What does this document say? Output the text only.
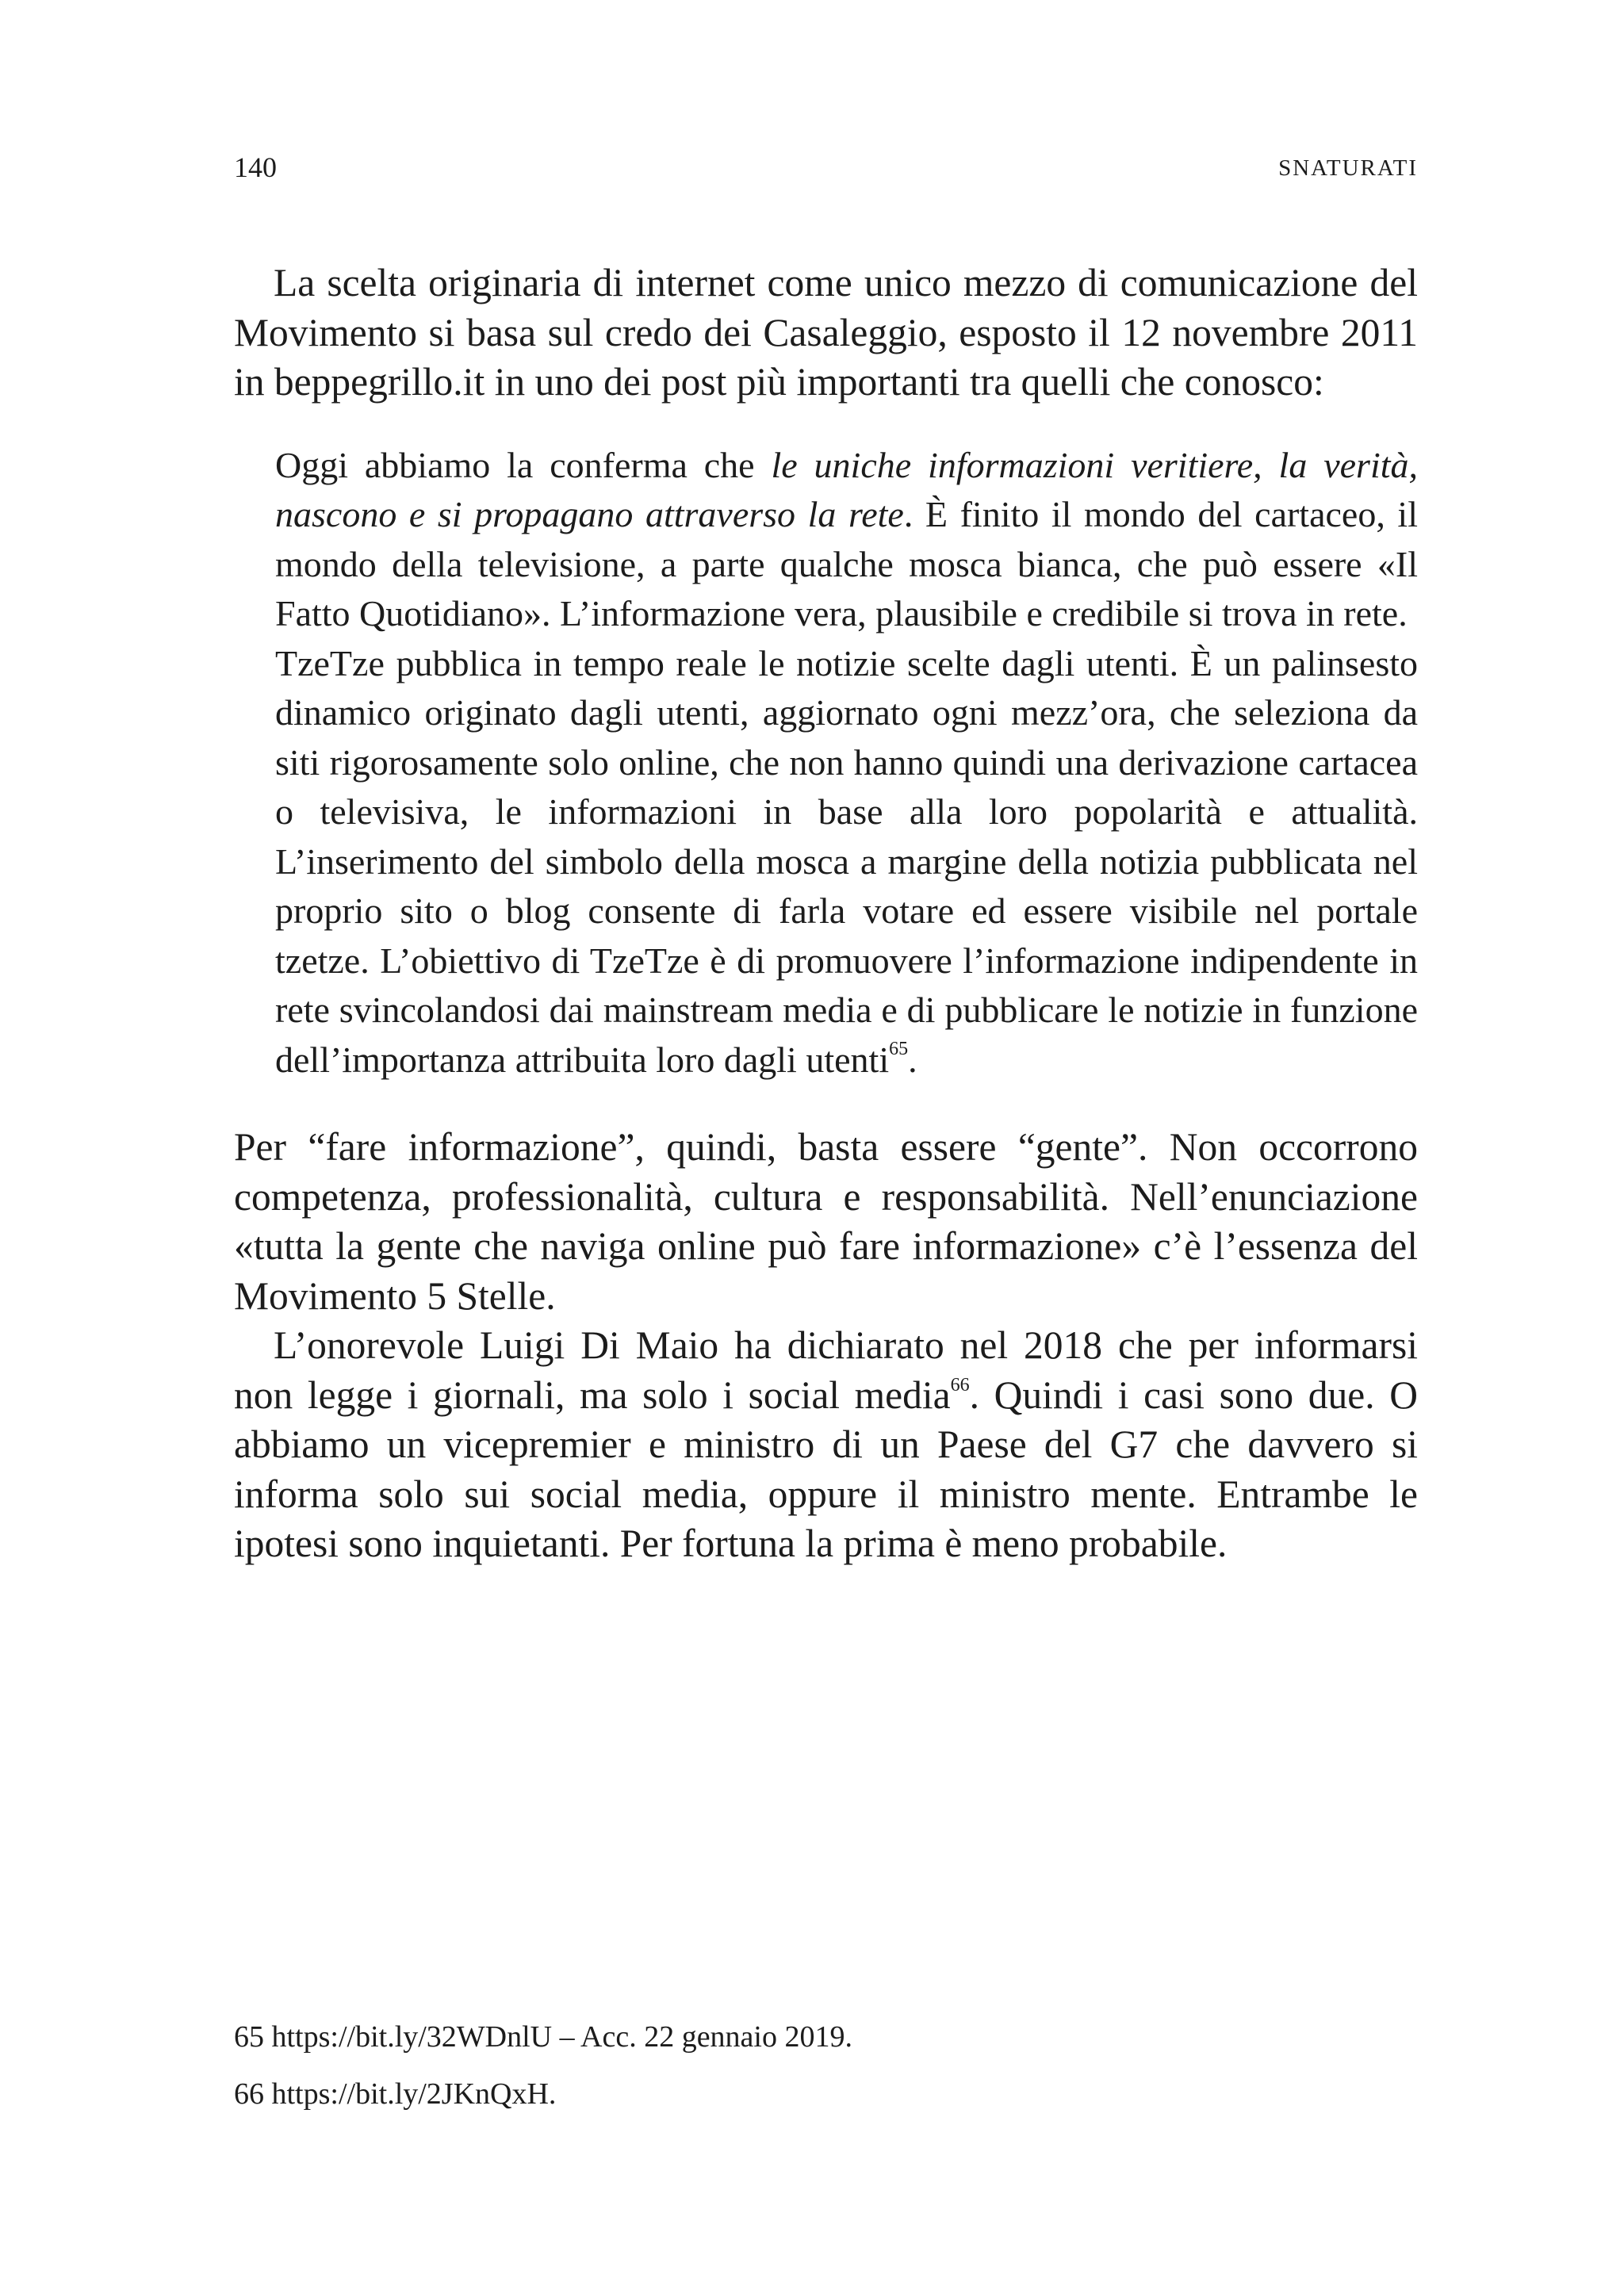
140	SNATURATI

La scelta originaria di internet come unico mezzo di comunicazione del Movimento si basa sul credo dei Casaleggio, esposto il 12 novembre 2011 in beppegrillo.it in uno dei post più importanti tra quelli che conosco:

Oggi abbiamo la conferma che le uniche informazioni veritiere, la verità, nascono e si propagano attraverso la rete. È finito il mondo del cartaceo, il mondo della televisione, a parte qualche mosca bianca, che può essere «Il Fatto Quotidiano». L’informazione vera, plausibile e credibile si trova in rete.

TzeTze pubblica in tempo reale le notizie scelte dagli utenti. È un palinsesto dinamico originato dagli utenti, aggiornato ogni mezz’ora, che seleziona da siti rigorosamente solo online, che non hanno quindi una derivazione cartacea o televisiva, le informazioni in base alla loro popolarità e attualità. L’inserimento del simbolo della mosca a margine della notizia pubblicata nel proprio sito o blog consente di farla votare ed essere visibile nel portale tzetze. L’obiettivo di TzeTze è di promuovere l’informazione indipendente in rete svincolandosi dai mainstream media e di pubblicare le notizie in funzione dell’importanza attribuita loro dagli utenti$^{65}$.

Per “fare informazione”, quindi, basta essere “gente”. Non occorrono competenza, professionalità, cultura e responsabilità. Nell’enunciazione «tutta la gente che naviga online può fare informazione» c’è l’essenza del Movimento 5 Stelle.

L’onorevole Luigi Di Maio ha dichiarato nel 2018 che per informarsi non legge i giornali, ma solo i social media$^{66}$. Quindi i casi sono due. O abbiamo un vicepremier e ministro di un Paese del G7 che davvero si informa solo sui social media, oppure il ministro mente. Entrambe le ipotesi sono inquietanti. Per fortuna la prima è meno probabile.

65 https://bit.ly/32WDnlU – Acc. 22 gennaio 2019.
66 https://bit.ly/2JKnQxH.
